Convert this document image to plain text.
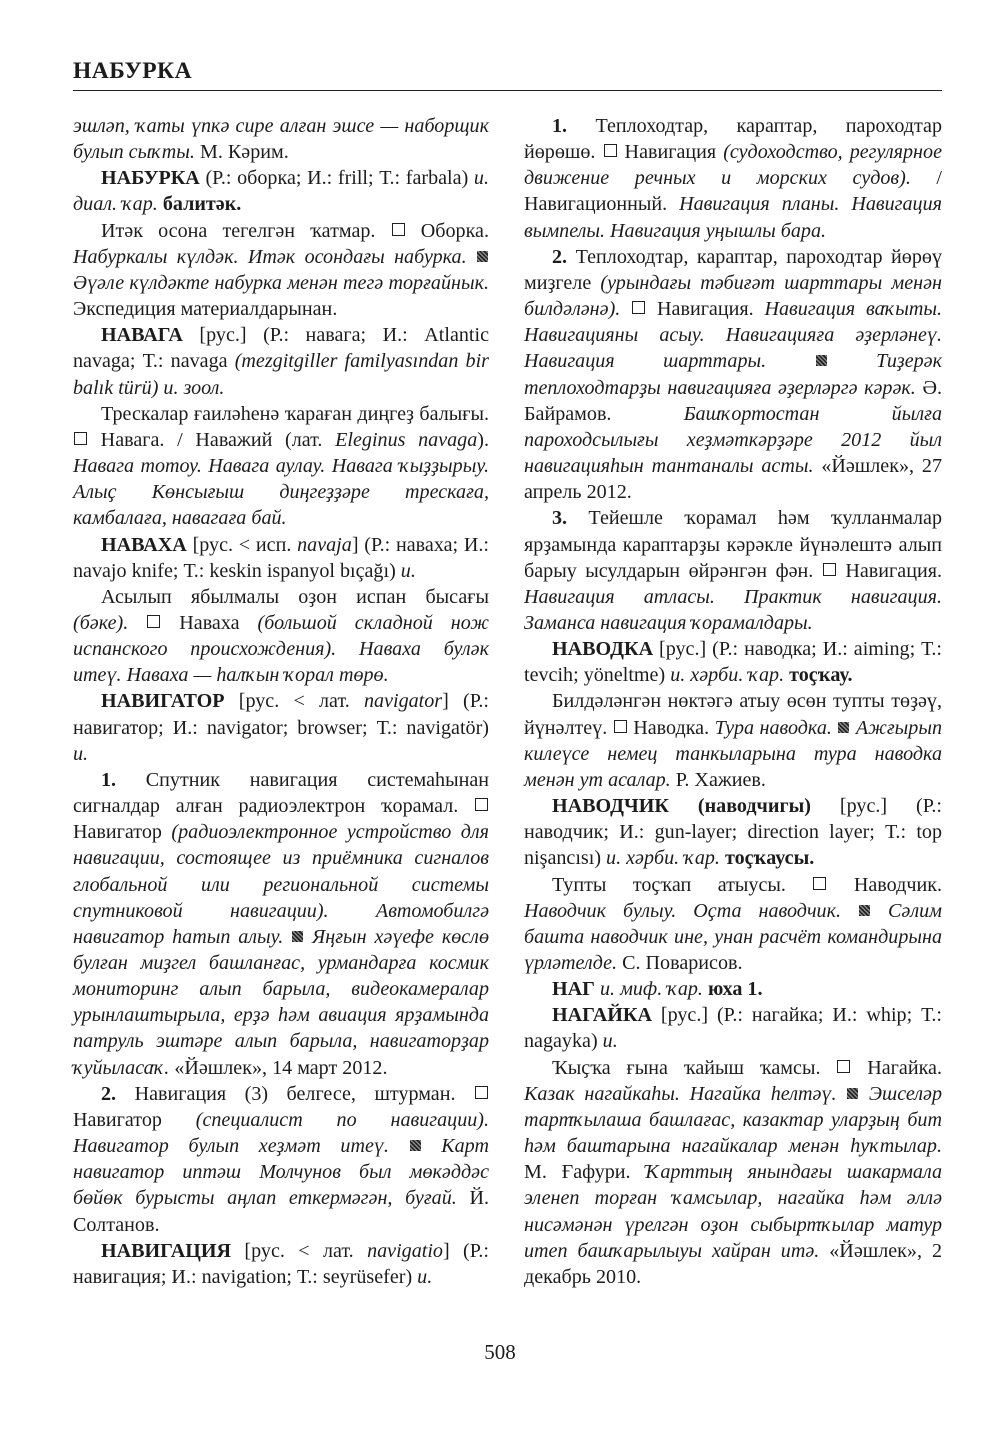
НАБУРКА

эшләп, ҡаты үпкә сире алған эшсе — наборщик булып сыҡты. М. Кәрим.

НАБУРКА (Р.: оборка; И.: frill; Т.: farbala) и. диал. ҡар. балитәк.

Итәк осона тегелгән ҡатмар.  Оборка. Набуркалы күлдәк. Итәк осондағы набурка.  Әүәле күлдәкте набурка менән тегә торғайнык. Экспедиция материалдарынан.

НАВАГА [рус.] (Р.: навага; И.: Atlantic navaga; Т.: navaga (mezgitgiller familyasından bir balık türü) и. зоол.

Трескалар ғаиләһенә ҡараған диңгеҙ балығы.  Навага. / Наважий (лат. Eleginus navaga). Навага тотоу. Навага аулау. Навага ҡыҙҙырыу. Алыҫ Көнсығыш диңгеҙҙәре трескаға, камбалаға, навагаға бай.

НАВАХА [рус. < исп. navaja] (Р.: наваха; И.: navajo knife; Т.: keskin ispanyol bıçağı) и.

Асылып ябылмалы оҙон испан бысағы (бәке).  Наваха (большой складной нож испанского происхождения). Наваха буләк итеү. Наваха — һалҡын ҡорал төрө.

НАВИГАТОР [рус. < лат. navigator] (Р.: навигатор; И.: navigator; browser; Т.: navigatör) и.

1. Спутник навигация системаһынан сигналдар алған радиоэлектрон ҡорамал.  Навигатор (радиоэлектронное устройство для навигации, состоящее из приёмника сигналов глобальной или региональной системы спутниковой навигации). Автомобилгә навигатор һатып алыу. Яңғын хәүефе көслө булған миҙгел башланғас, урмандарға космик мониторинг алып барыла, видеокамералар урынлаштырыла, ерҙә һәм авиация ярҙамында патруль эштәре алып барыла, навигаторҙар ҡуйыласаҡ. «Йәшлек», 14 март 2012.

2. Навигация (3) белгесе, штурман.  Навигатор (специалист по навигации). Навигатор булып хеҙмәт итеү.	Карт навигатор иптәш Молчунов был мөкәддәс бөйөк бурысты аңлап еткермәгән, буғай. Й. Солтанов.

НАВИГАЦИЯ [рус. < лат. navigatio] (Р.: навигация; И.: navigation; Т.: seyrüsefer) и.

1. Теплоходтар, караптар, пароходтар йөрөшө.  Навигация (судоходство, регулярное движение речных и морских судов). / Навигационный. Навигация планы. Навигация вымпелы. Навигация уңышлы бара.

2. Теплоходтар, караптар, пароходтар йөрөү миҙгеле (урындағы тәбиғәт шарттары менән билдәләнә).  Навигация. Навигация ваҡыты. Навигацияны асыу. Навигацияға әҙерләнеү. Навигация шарттары.	Тиҙерәк теплоходтарҙы навигацияға әҙерләргә кәрәк. Ә. Байрамов. Башҡортостан йылға пароходсылығы хеҙмәткәрҙәре 2012 йыл навигацияһын тантаналы асты. «Йәшлек», 27 апрель 2012.

3. Тейешле ҡорамал һәм ҡулланмалар ярҙамында караптарҙы кәрәкле йүнәлештә алып барыу ысулдарын өйрәнгән фән.  Навигация. Навигация атласы. Практик навигация. Заманса навигация ҡорамалдары.

НАВОДКА [рус.] (Р.: наводка; И.: aiming; Т.: tevcih; yöneltme) и. хәрби. ҡар. тоҫҡау.

Билдәләнгән нөктәгә атыу өсөн тупты төҙәү, йүнәлтеү.  Наводка. Тура наводка. Ажғырып килеүсе немец танкыларына тура наводка менән ут асалар. Р. Хажиев.

НАВОДЧИК (наводчигы) [рус.] (Р.: наводчик; И.: gun-layer; direction layer; Т.: top nişancısı) и. хәрби. ҡар. тоҫҡаусы.

Тупты тоҫҡап атыусы.  Наводчик. Наводчик булыу. Оҫта наводчик. Сәлим башта наводчик ине, унан расчёт командирына үрләтелде. С. Поварисов.

НАГ и. миф. ҡар. юха 1.

НАГАЙКА [рус.] (Р.: нагайка; И.: whip; Т.: nagayka) и.

Ҡыҫҡа ғына ҡайыш ҡамсы.  Нагайка. Казак нагайкаһы. Нагайка һелтәү. Эшселәр тартҡылаша башлағас, казактар уларҙың бит һәм баштарына нагайкалар менән һуҡтылар. М. Ғафури. Ҡарттың янындағы шакармала эленеп торған ҡамсылар, нагайка һәм әллә нисәмәнән үрелгән оҙон сыбыртҡылар матур итеп башҡарылыуы хайран итә. «Йәшлек», 2 декабрь 2010.

508
